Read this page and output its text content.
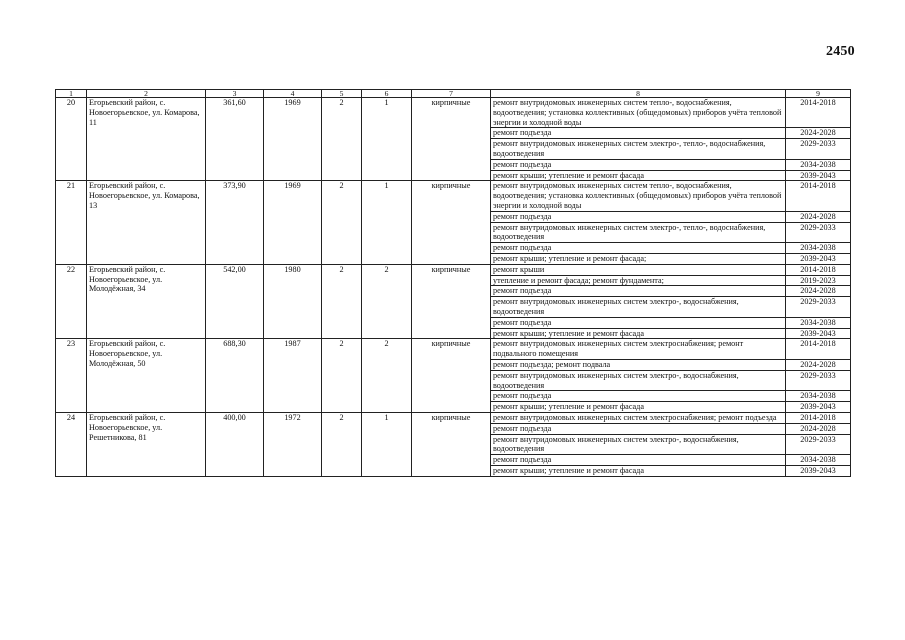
2450
1	2	3	4	5	6	7	8	9
20	Егорьевский район, с. Новоегорьевское, ул. Комарова, 11	361,60	1969	2	1	кирпичные	ремонт внутридомовых инженерных систем тепло-, водоснабжения, водоотведения; установка коллективных (общедомовых) приборов учёта тепловой энергии и холодной воды	2014-2018
							ремонт подъезда	2024-2028
							ремонт внутридомовых инженерных систем электро-, тепло-, водоснабжения, водоотведения	2029-2033
							ремонт подъезда	2034-2038
							ремонт крыши; утепление и ремонт фасада	2039-2043
21	Егорьевский район, с. Новоегорьевское, ул. Комарова, 13	373,90	1969	2	1	кирпичные	ремонт внутридомовых инженерных систем тепло-, водоснабжения, водоотведения; установка коллективных (общедомовых) приборов учёта тепловой энергии и холодной воды	2014-2018
							ремонт подъезда	2024-2028
							ремонт внутридомовых инженерных систем электро-, тепло-, водоснабжения, водоотведения	2029-2033
							ремонт подъезда	2034-2038
							ремонт крыши; утепление и ремонт фасада;	2039-2043
22	Егорьевский район, с. Новоегорьевское, ул. Молодёжная, 34	542,00	1980	2	2	кирпичные	ремонт крыши	2014-2018
							утепление и ремонт фасада; ремонт фундамента;	2019-2023
							ремонт подъезда	2024-2028
							ремонт внутридомовых инженерных систем электро-, водоснабжения, водоотведения	2029-2033
							ремонт подъезда	2034-2038
							ремонт крыши; утепление и ремонт фасада	2039-2043
23	Егорьевский район, с. Новоегорьевское, ул. Молодёжная, 50	688,30	1987	2	2	кирпичные	ремонт внутридомовых инженерных систем электроснабжения; ремонт подвального помещения	2014-2018
							ремонт подъезда; ремонт подвала	2024-2028
							ремонт внутридомовых инженерных систем электро-, водоснабжения, водоотведения	2029-2033
							ремонт подъезда	2034-2038
							ремонт крыши; утепление и ремонт фасада	2039-2043
24	Егорьевский район, с. Новоегорьевское, ул. Решетникова, 81	400,00	1972	2	1	кирпичные	ремонт внутридомовых инженерных систем электроснабжения; ремонт подъезда	2014-2018
							ремонт подъезда	2024-2028
							ремонт внутридомовых инженерных систем электро-, водоснабжения, водоотведения	2029-2033
							ремонт подъезда	2034-2038
							ремонт крыши; утепление и ремонт фасада	2039-2043
